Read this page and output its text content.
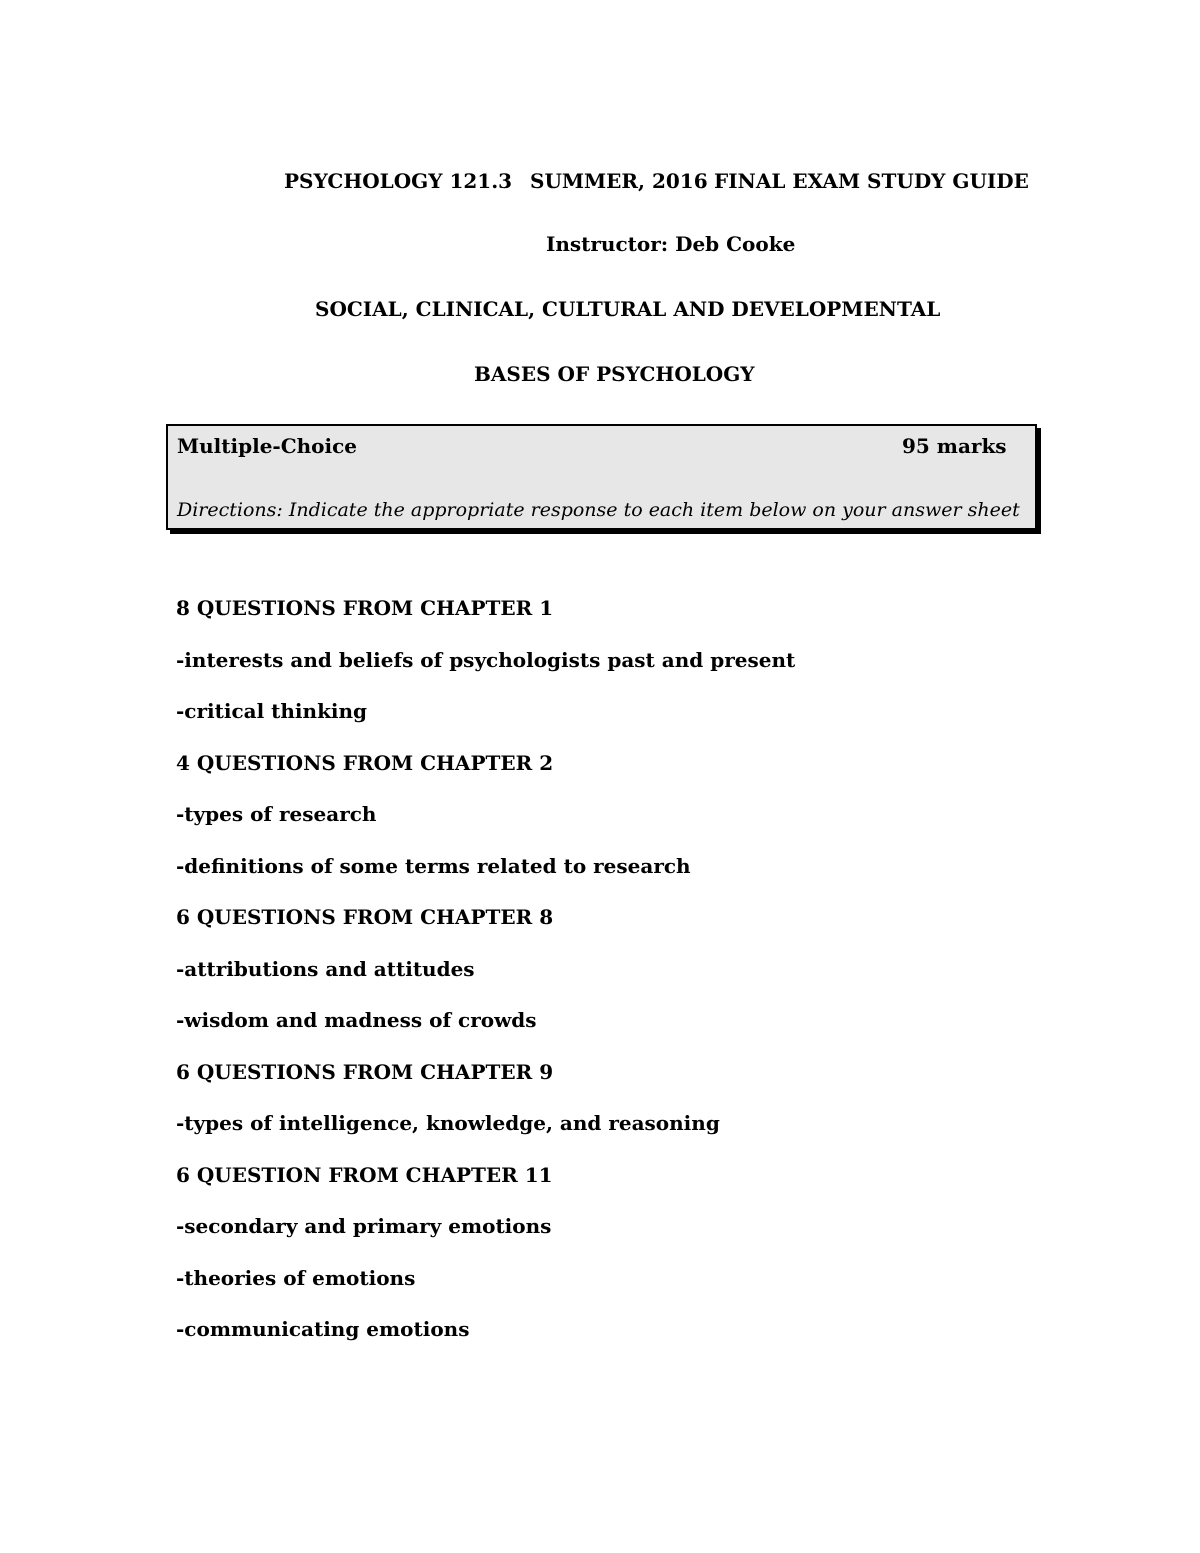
PSYCHOLOGY 121.3 SUMMER, 2016 FINAL EXAM STUDY GUIDE
Instructor: Deb Cooke
SOCIAL, CLINICAL, CULTURAL AND DEVELOPMENTAL
BASES OF PSYCHOLOGY
Multiple-Choice	95 marks
Directions: Indicate the appropriate response to each item below on your answer sheet
8 QUESTIONS FROM CHAPTER 1
-interests and beliefs of psychologists past and present
-critical thinking
4 QUESTIONS FROM CHAPTER 2
-types of research
-definitions of some terms related to research
6 QUESTIONS FROM CHAPTER 8
-attributions and attitudes
-wisdom and madness of crowds
6 QUESTIONS FROM CHAPTER 9
-types of intelligence, knowledge, and reasoning
6 QUESTION FROM CHAPTER 11
-secondary and primary emotions
-theories of emotions
-communicating emotions
